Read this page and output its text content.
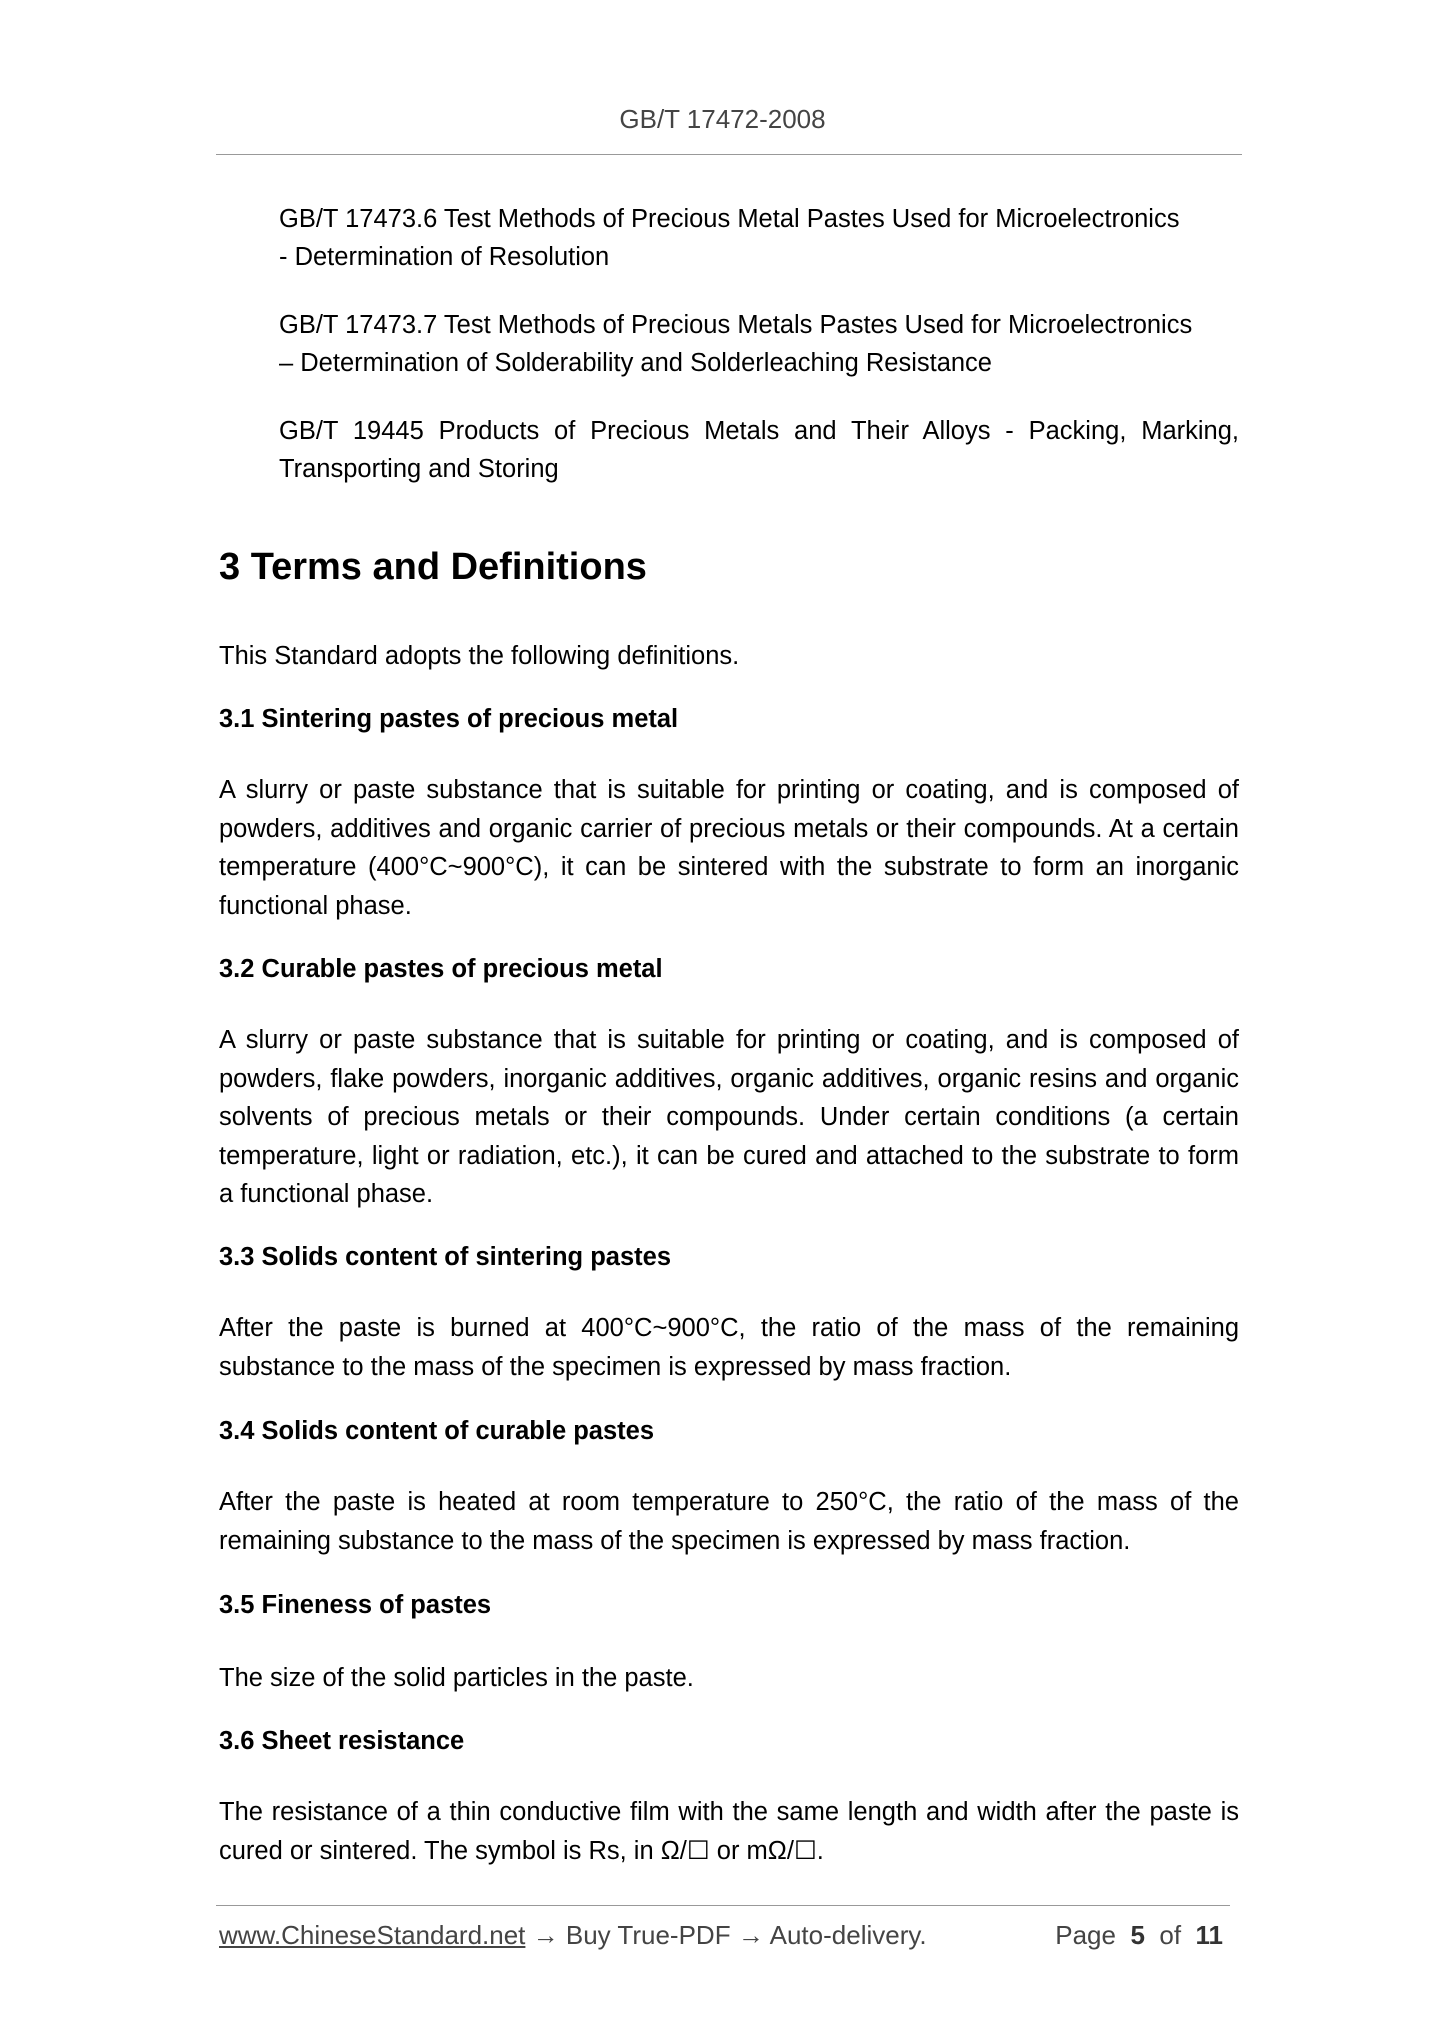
GB/T 17472-2008
GB/T 17473.6 Test Methods of Precious Metal Pastes Used for Microelectronics
- Determination of Resolution
GB/T 17473.7 Test Methods of Precious Metals Pastes Used for Microelectronics
– Determination of Solderability and Solderleaching Resistance
GB/T 19445 Products of Precious Metals and Their Alloys - Packing, Marking,
Transporting and Storing
3 Terms and Definitions
This Standard adopts the following definitions.
3.1 Sintering pastes of precious metal
A slurry or paste substance that is suitable for printing or coating, and is composed of powders, additives and organic carrier of precious metals or their compounds. At a certain temperature (400°C~900°C), it can be sintered with the substrate to form an inorganic functional phase.
3.2 Curable pastes of precious metal
A slurry or paste substance that is suitable for printing or coating, and is composed of powders, flake powders, inorganic additives, organic additives, organic resins and organic solvents of precious metals or their compounds. Under certain conditions (a certain temperature, light or radiation, etc.), it can be cured and attached to the substrate to form a functional phase.
3.3 Solids content of sintering pastes
After the paste is burned at 400°C~900°C, the ratio of the mass of the remaining substance to the mass of the specimen is expressed by mass fraction.
3.4 Solids content of curable pastes
After the paste is heated at room temperature to 250°C, the ratio of the mass of the remaining substance to the mass of the specimen is expressed by mass fraction.
3.5 Fineness of pastes
The size of the solid particles in the paste.
3.6 Sheet resistance
The resistance of a thin conductive film with the same length and width after the paste is cured or sintered. The symbol is Rs, in Ω/☐ or mΩ/☐.
www.ChineseStandard.net → Buy True-PDF → Auto-delivery.	Page 5 of 11
